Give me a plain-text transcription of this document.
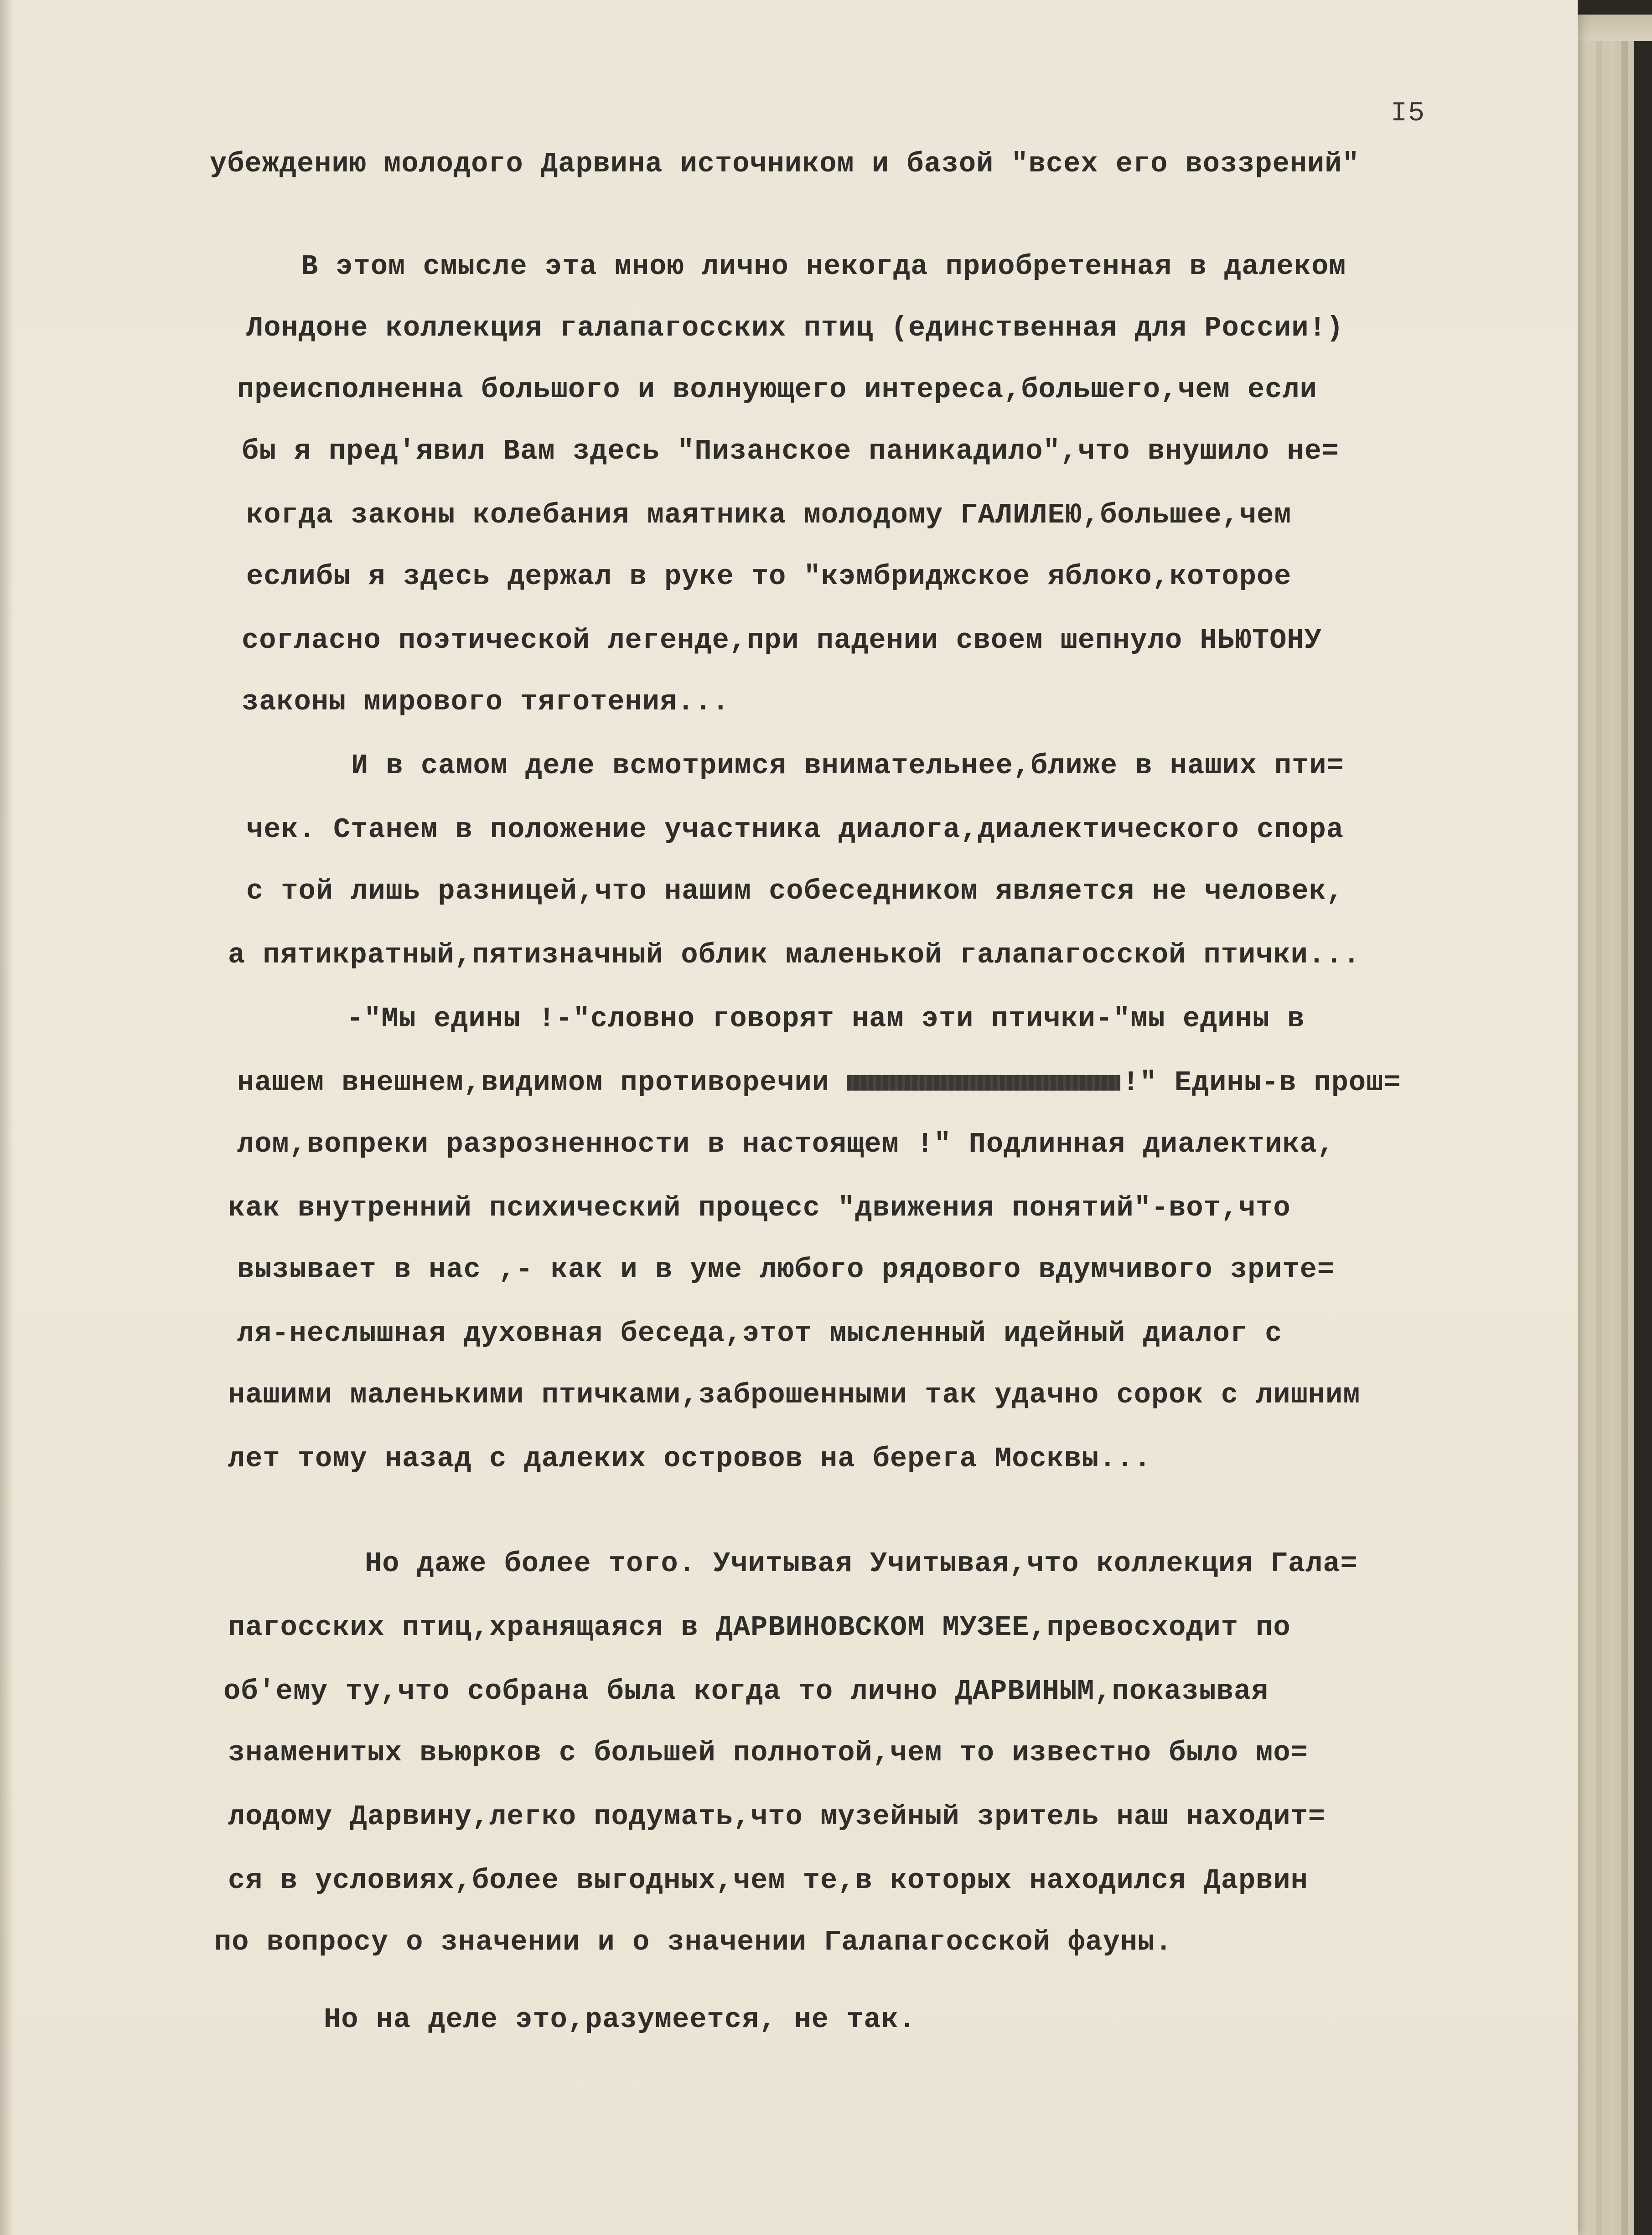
I5
убеждению молодого Дарвина источником и базой "всех его воззрений"
В этом смысле эта мною лично некогда приобретенная в далеком
Лондоне коллекция галапагосских птиц (единственная для России!)
преисполненна большого и волнующего интереса,большего,чем если
бы я пред'явил Вам здесь "Пизанское паникадило",что внушило не=
когда законы колебания маятника молодому ГАЛИЛЕЮ,большее,чем
еслибы я здесь держал в руке то "кэмбриджское яблоко,которое
согласно поэтической легенде,при падении своем шепнуло НЬЮТОНУ
законы мирового тяготения...
И в самом деле всмотримся внимательнее,ближе в наших пти=
чек. Станем в положение участника диалога,диалектического спора
с той лишь разницей,что нашим собеседником является не человек,
а пятикратный,пятизначный облик маленькой галапагосской птички...
-"Мы едины !-"словно говорят нам эти птички-"мы едины в
нашем внешнем,видимом противоречии	!" Едины-в прош=
лом,вопреки разрозненности в настоящем !" Подлинная диалектика,
как внутренний психический процесс "движения понятий"-вот,что
вызывает в нас ,- как и в уме любого рядового вдумчивого зрите=
ля-неслышная духовная беседа,этот мысленный идейный диалог с
нашими маленькими птичками,заброшенными так удачно сорок с лишним
лет тому назад с далеких островов на берега Москвы...
Но даже более того. Учитывая Учитывая,что коллекция Гала=
пагосских птиц,хранящаяся в ДАРВИНОВСКОМ МУЗЕЕ,превосходит по
об'ему ту,что собрана была когда то лично ДАРВИНЫМ,показывая
знаменитых вьюрков с большей полнотой,чем то известно было мо=
лодому Дарвину,легко подумать,что музейный зритель наш находит=
ся в условиях,более выгодных,чем те,в которых находился Дарвин
по вопросу о значении и о значении Галапагосской фауны.
Но на деле это,разумеется, не так.
